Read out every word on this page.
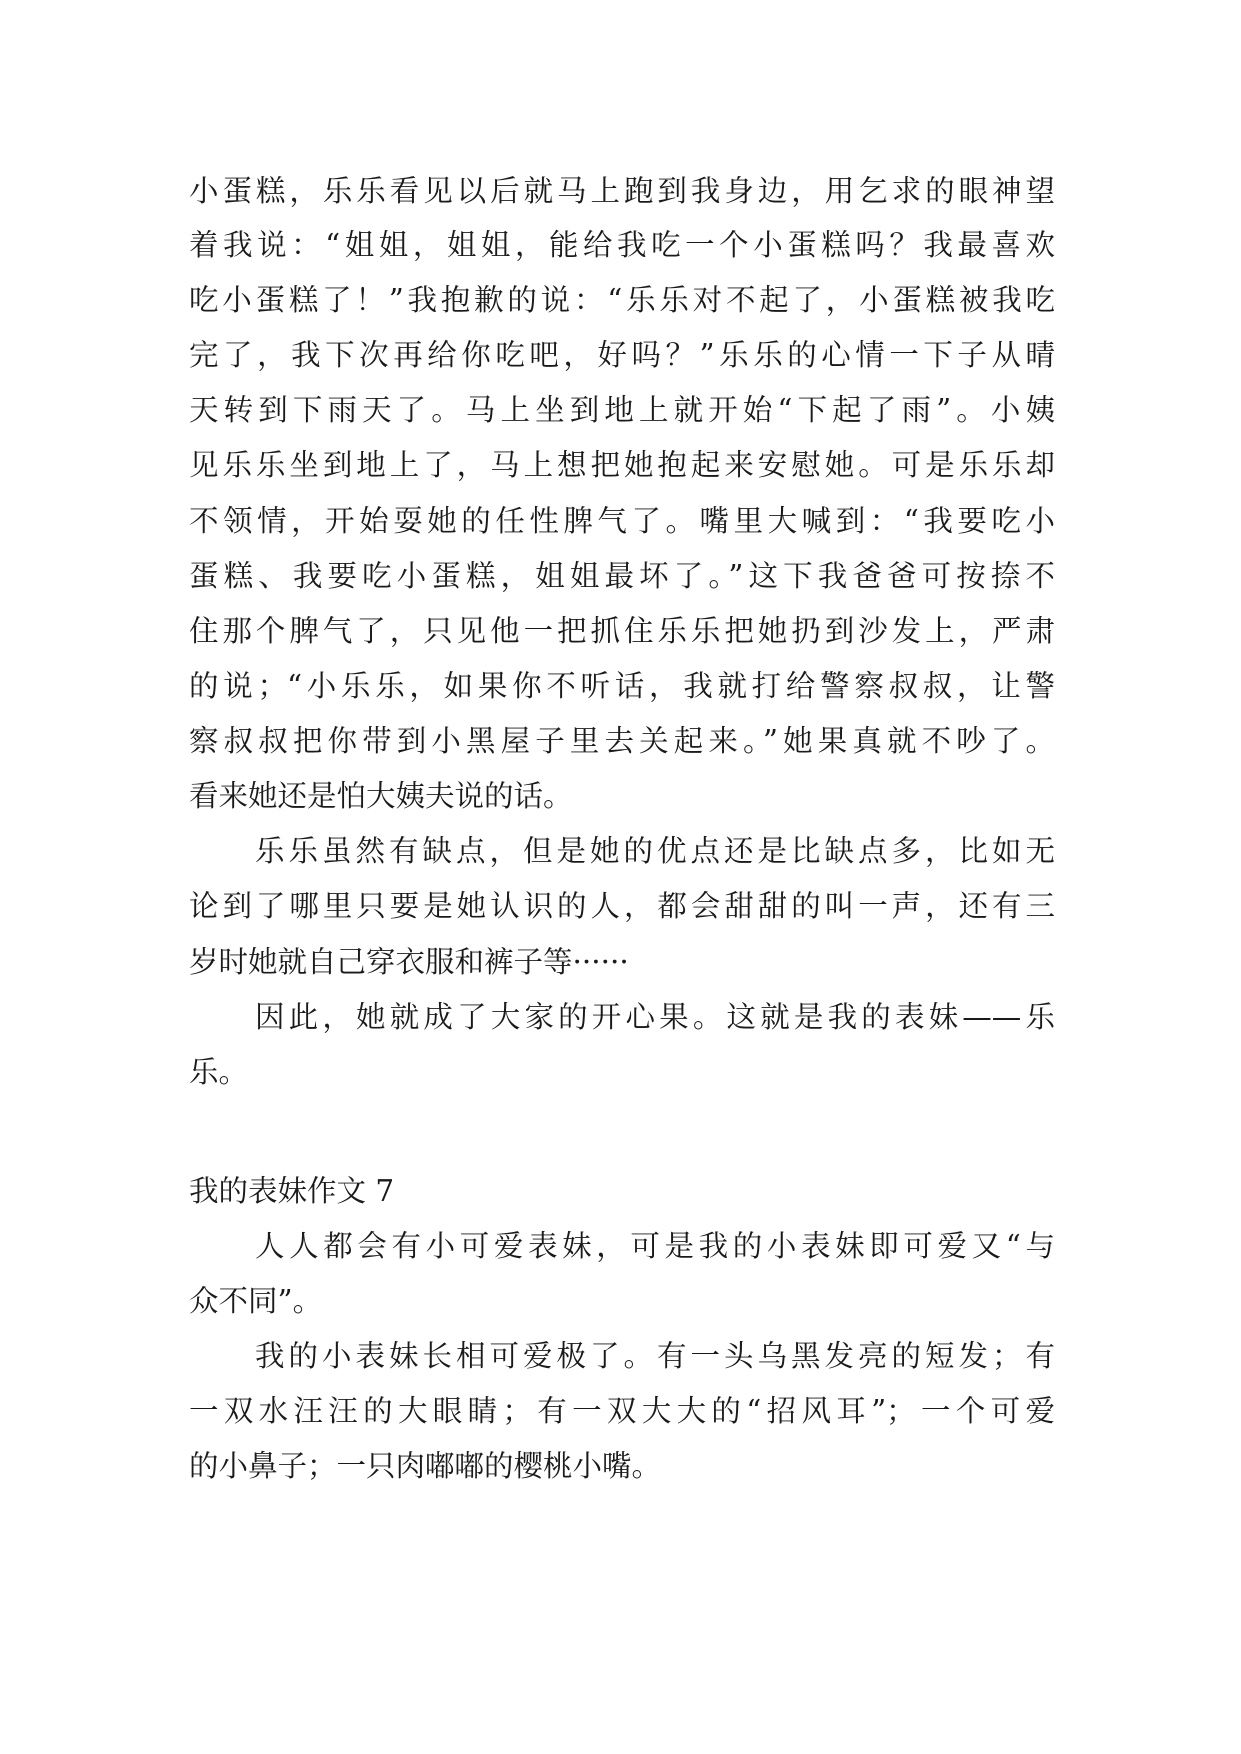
小蛋糕，乐乐看见以后就马上跑到我身边，用乞求的眼神望
着我说：“姐姐，姐姐，能给我吃一个小蛋糕吗？我最喜欢
吃小蛋糕了！”我抱歉的说：“乐乐对不起了，小蛋糕被我吃
完了，我下次再给你吃吧，好吗？”乐乐的心情一下子从晴
天转到下雨天了。马上坐到地上就开始“下起了雨”。小姨
见乐乐坐到地上了，马上想把她抱起来安慰她。可是乐乐却
不领情，开始耍她的任性脾气了。嘴里大喊到：“我要吃小
蛋糕、我要吃小蛋糕，姐姐最坏了。”这下我爸爸可按捺不
住那个脾气了，只见他一把抓住乐乐把她扔到沙发上，严肃
的说；“小乐乐，如果你不听话，我就打给警察叔叔，让警
察叔叔把你带到小黑屋子里去关起来。”她果真就不吵了。
看来她还是怕大姨夫说的话。
乐乐虽然有缺点，但是她的优点还是比缺点多，比如无
论到了哪里只要是她认识的人，都会甜甜的叫一声，还有三
岁时她就自己穿衣服和裤子等······
因此，她就成了大家的开心果。这就是我的表妹——乐
乐。
我的表妹作文 7
人人都会有小可爱表妹，可是我的小表妹即可爱又“与
众不同”。
我的小表妹长相可爱极了。有一头乌黑发亮的短发；有
一双水汪汪的大眼睛；有一双大大的“招风耳”；一个可爱
的小鼻子；一只肉嘟嘟的樱桃小嘴。
